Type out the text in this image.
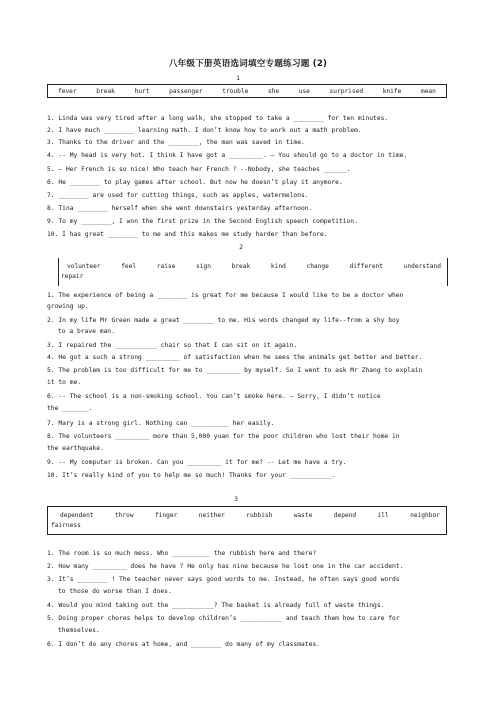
八年级下册英语选词填空专题练习题 (2)
1
fever	break	hurt	passenger	trouble	she	use	surprised	knife	mean
1. Linda was very tired after a long walk, she stopped to take a ________ for ten minutes.
2. I have much ________ learning math. I don’t know how to work out a math problem.
3. Thanks to the driver and the ________, the man was saved in time.
4. -- My head is very hot. I think I have got a _________. – You should go to a doctor in time.
5. – Her French is so nice! Who teach her French ? --Nobody, she teaches ______.
6. He ________ to play games after school. But now he doesn’t play it anymore.
7. ________ are used for cutting things, such as apples, watermelons.
8. Tina ________ herself when she went downstairs yesterday afternoon.
9. To my ________, I won the first prize in the Second English speech competition.
10. I has great ________ to me and this makes me study harder than before.
2
volunteer	feel	raise	sign	break	kind	change	different	understand
repair
1. The experience of being a ________ is great for me because I would like to be a doctor when
growing up.
2. In my life Mr Green made a great ________ to me. His words changed my life--from a shy boy
to a brave man.
3. I repaired the ___________ chair so that I can sit on it again.
4. He got a such a strong _________ of satisfaction when he sees the animals get better and better.
5. The problem is too difficult for me to _________ by myself. So I went to ask Mr Zhang to explain
it to me.
6. -- The school is a non-smoking school. You can’t smoke here. – Sorry, I didn’t notice
the _______.
7. Mary is a strong girl. Nothing can __________ her easily.
8. The volunteers _________ more than 5,000 yuan for the poor children who lost their home in
the earthquake.
9. -- My computer is broken. Can you _________ it for me? -- Let me have a try.
10. It’s really kind of you to help me so much! Thanks for your ___________.
3
dependent	throw	finger	neither	rubbish	waste	depend	ill	neighbor
fairness
1. The room is so much mess. Who __________ the rubbish here and there?
2. How many _________ does he have ? He only has nine because he lost one in the car accident.
3. It’s ________ ! The teacher never says good words to me. Instead, he often says good words
to those do worse than I does.
4. Would you mind taking out the ___________? The basket is already full of waste things.
5. Doing proper chores helps to develop children’s ___________ and teach them how to care for
themselves.
6. I don’t do any chores at home, and ________ do many of my classmates.
